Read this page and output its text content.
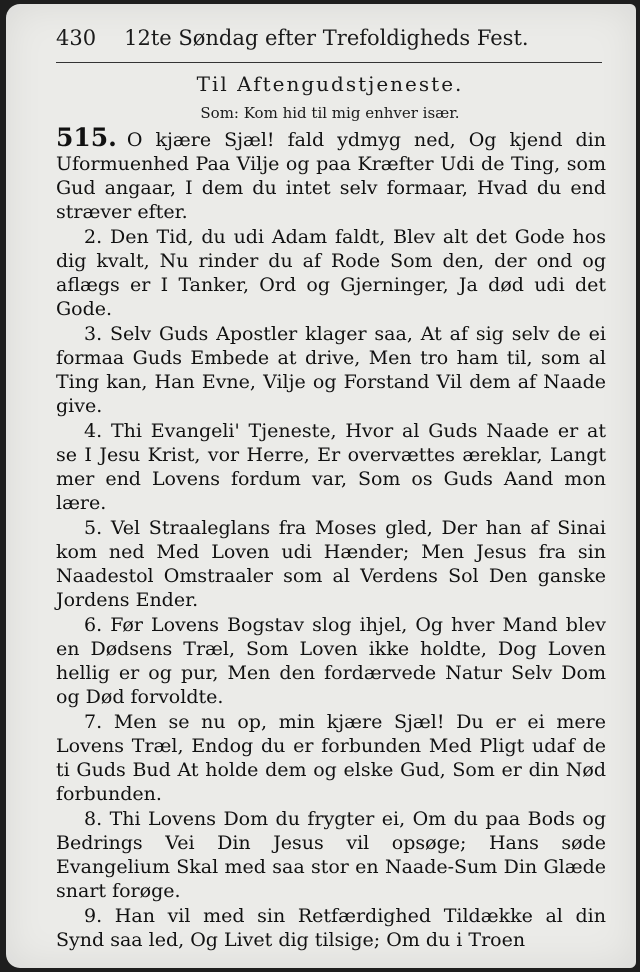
430 12te Søndag efter Trefoldigheds Fest.
Til Aftengudstjeneste.
Som: Kom hid til mig enhver især.

515. O kjære Sjæl! fald ydmyg ned, Og kjend din Uformuenhed Paa Vilje og paa Kræfter Udi de Ting, som Gud angaar, I dem du intet selv formaar, Hvad du end stræver efter.

2. Den Tid, du udi Adam faldt, Blev alt det Gode hos dig kvalt, Nu rinder du af Rode Som den, der ond og aflægs er I Tanker, Ord og Gjerninger, Ja død udi det Gode.

3. Selv Guds Apostler klager saa, At af sig selv de ei formaa Guds Embede at drive, Men tro ham til, som al Ting kan, Han Evne, Vilje og Forstand Vil dem af Naade give.

4. Thi Evangeli' Tjeneste, Hvor al Guds Naade er at se I Jesu Krist, vor Herre, Er overvættes æreklar, Langt mer end Lovens fordum var, Som os Guds Aand mon lære.

5. Vel Straaleglans fra Moses gled, Der han af Sinai kom ned Med Loven udi Hænder; Men Jesus fra sin Naadestol Omstraaler som al Verdens Sol Den ganske Jordens Ender.

6. Før Lovens Bogstav slog ihjel, Og hver Mand blev en Dødsens Træl, Som Loven ikke holdte, Dog Loven hellig er og pur, Men den fordærvede Natur Selv Dom og Død forvoldte.

7. Men se nu op, min kjære Sjæl! Du er ei mere Lovens Træl, Endog du er forbunden Med Pligt udaf de ti Guds Bud At holde dem og elske Gud, Som er din Nød forbunden.

8. Thi Lovens Dom du frygter ei, Om du paa Bods og Bedrings Vei Din Jesus vil opsøge; Hans søde Evangelium Skal med saa stor en Naade-Sum Din Glæde snart forøge.

9. Han vil med sin Retfærdighed Tildække al din Synd saa led, Og Livet dig tilsige; Om du i Troen
